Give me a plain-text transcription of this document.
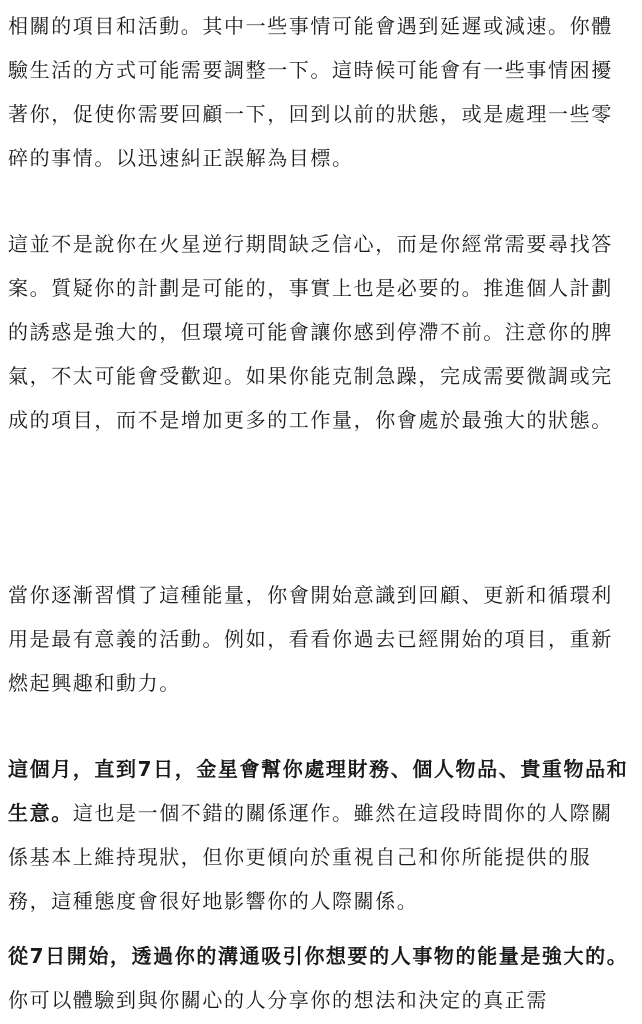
相關的項目和活動。其中一些事情可能會遇到延遲或減速。你體驗生活的方式可能需要調整一下。這時候可能會有一些事情困擾著你，促使你需要回顧一下，回到以前的狀態，或是處理一些零碎的事情。以迅速糾正誤解為目標。

這並不是說你在火星逆行期間缺乏信心，而是你經常需要尋找答案。質疑你的計劃是可能的，事實上也是必要的。推進個人計劃的誘惑是強大的，但環境可能會讓你感到停滯不前。注意你的脾氣，不太可能會受歡迎。如果你能克制急躁，完成需要微調或完成的項目，而不是增加更多的工作量，你會處於最強大的狀態。

當你逐漸習慣了這種能量，你會開始意識到回顧、更新和循環利用是最有意義的活動。例如，看看你過去已經開始的項目，重新燃起興趣和動力。

這個月，直到7日，金星會幫你處理財務、個人物品、貴重物品和生意。這也是一個不錯的關係運作。雖然在這段時間你的人際關係基本上維持現狀，但你更傾向於重視自己和你所能提供的服務，這種態度會很好地影響你的人際關係。

從7日開始，透過你的溝通吸引你想要的人事物的能量是強大的。你可以體驗到與你關心的人分享你的想法和決定的真正需
